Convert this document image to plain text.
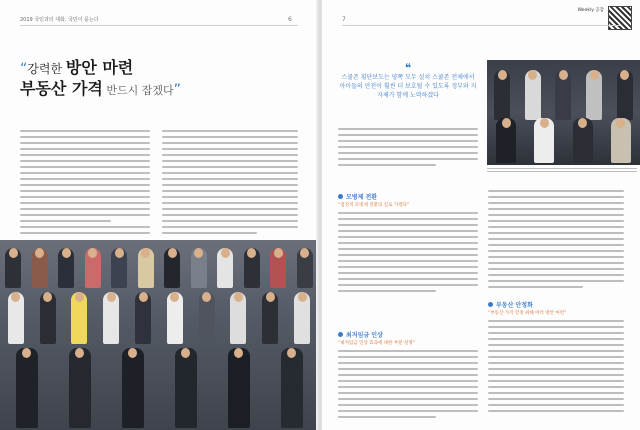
2019 국민과의 대화, 국민이 묻는다	6
“강력한 방안 마련
부동산 가격 반드시 잡겠다”
7
Weekly 공감
❝
스쿨존 횡단보도는 양쪽 모두 설치 스쿨존 전체에서 아이들의 안전이 훨씬 더 보호될 수 있도록 정부와 지자체가 함께 노력하겠다
모병제 전환
“점진적 모병제 전환의 길로 가겠다”
최저임금 인상
“최저임금 인상 효과에 대한 부분 설명”
부동산 안정화
“부동산 가격 안정 위해 여러 방안 마련”
